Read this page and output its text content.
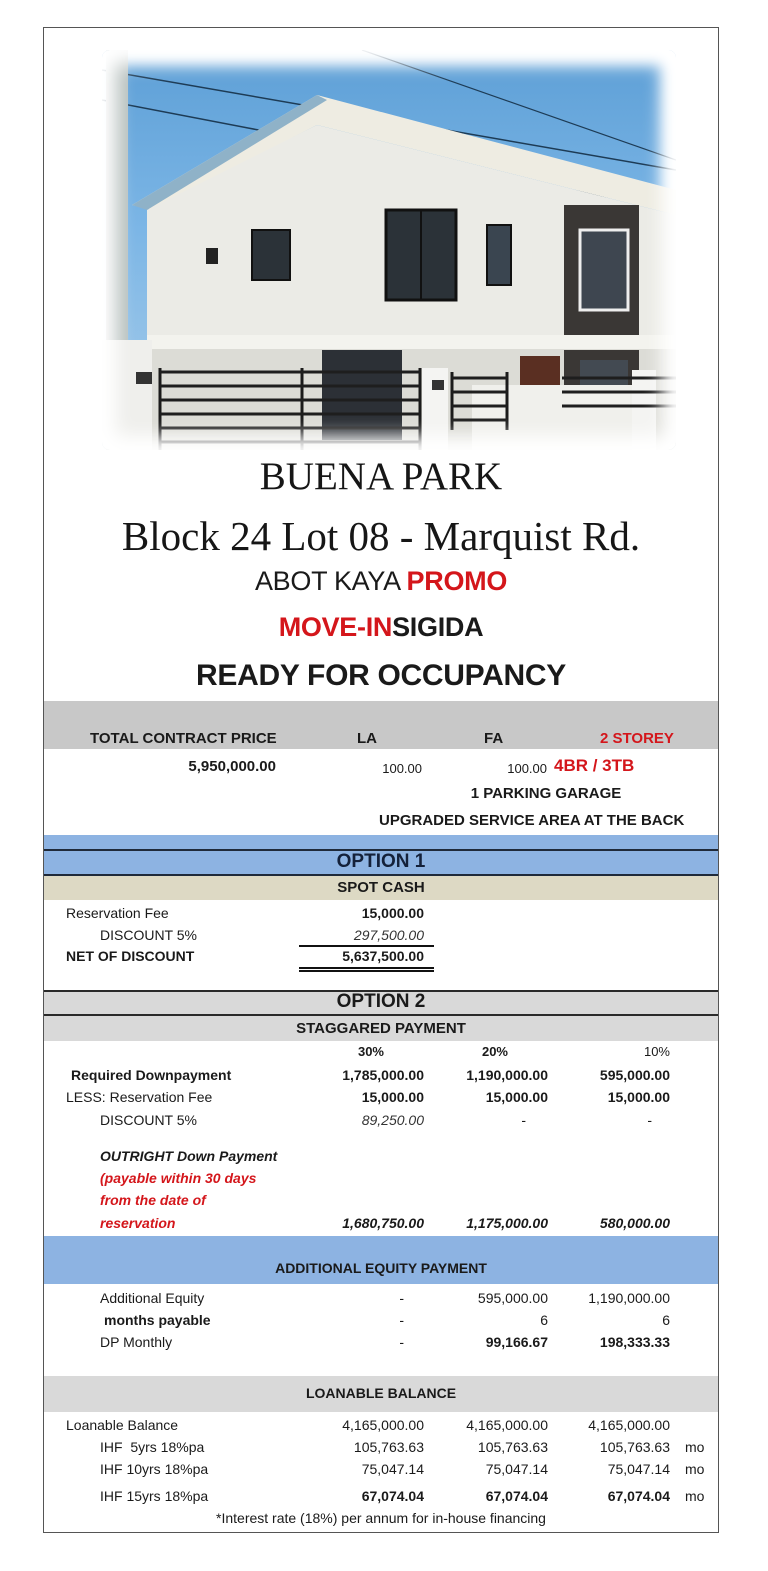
BUENA PARK
Block 24 Lot 08 - Marquist Rd.
ABOT KAYA PROMO
MOVE-INSIGIDA
READY FOR OCCUPANCY
TOTAL CONTRACT PRICE	LA	FA	2 STOREY
5,950,000.00	100.00	100.00 4BR / 3TB
1 PARKING GARAGE
UPGRADED SERVICE AREA AT THE BACK
OPTION 1
SPOT CASH
Reservation Fee	15,000.00
DISCOUNT 5%	297,500.00
NET OF DISCOUNT	5,637,500.00
OPTION 2
STAGGARED PAYMENT
30%	20%	10%
Required Downpayment	1,785,000.00	1,190,000.00	595,000.00
LESS: Reservation Fee	15,000.00	15,000.00	15,000.00
DISCOUNT 5%	89,250.00	-	-
OUTRIGHT Down Payment
(payable within 30 days
from the date of
reservation	1,680,750.00	1,175,000.00	580,000.00
ADDITIONAL EQUITY PAYMENT
Additional Equity	-	595,000.00	1,190,000.00
months payable	-	6	6
DP Monthly	-	99,166.67	198,333.33
LOANABLE BALANCE
Loanable Balance	4,165,000.00	4,165,000.00	4,165,000.00
IHF  5yrs 18%pa	105,763.63	105,763.63	105,763.63 mo
IHF 10yrs 18%pa	75,047.14	75,047.14	75,047.14 mo
IHF 15yrs 18%pa	67,074.04	67,074.04	67,074.04 mo
*Interest rate (18%) per annum for in-house financing
